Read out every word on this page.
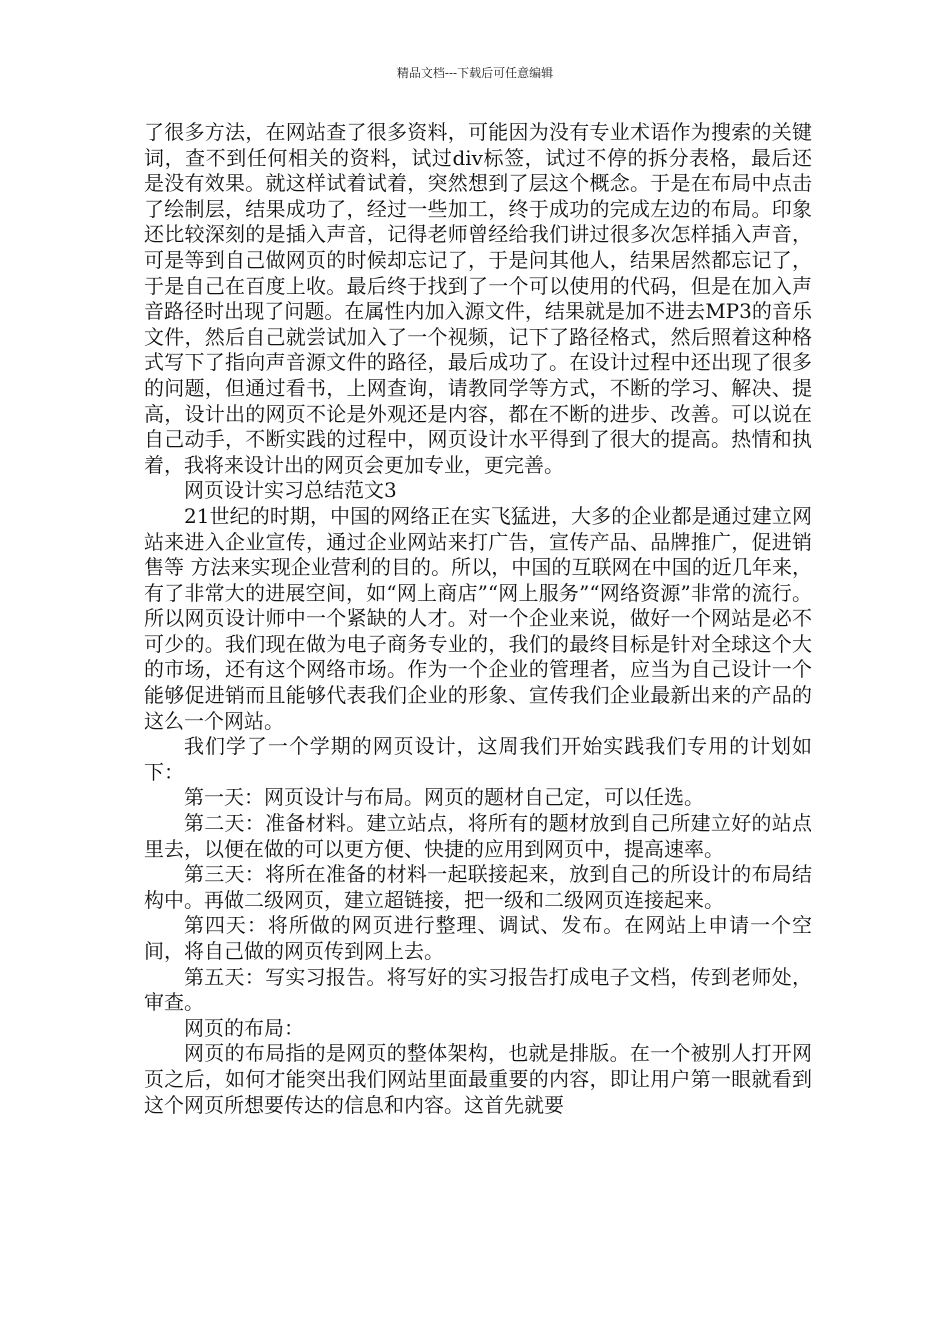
精品文档---下载后可任意编辑

了很多方法，在网站查了很多资料，可能因为没有专业术语作为搜索的关键词，查不到任何相关的资料，试过div标签，试过不停的拆分表格，最后还是没有效果。就这样试着试着，突然想到了层这个概念。于是在布局中点击了绘制层，结果成功了，经过一些加工，终于成功的完成左边的布局。印象还比较深刻的是插入声音，记得老师曾经给我们讲过很多次怎样插入声音，可是等到自己做网页的时候却忘记了，于是问其他人，结果居然都忘记了，于是自己在百度上收。最后终于找到了一个可以使用的代码，但是在加入声音路径时出现了问题。在属性内加入源文件，结果就是加不进去MP3的音乐文件，然后自己就尝试加入了一个视频，记下了路径格式，然后照着这种格式写下了指向声音源文件的路径，最后成功了。在设计过程中还出现了很多的问题，但通过看书，上网查询，请教同学等方式，不断的学习、解决、提高，设计出的网页不论是外观还是内容，都在不断的进步、改善。可以说在自己动手，不断实践的过程中，网页设计水平得到了很大的提高。热情和执着，我将来设计出的网页会更加专业，更完善。

网页设计实习总结范文3

21世纪的时期，中国的网络正在实飞猛进，大多的企业都是通过建立网站来进入企业宣传，通过企业网站来打广告，宣传产品、品牌推广，促进销售等 方法来实现企业营利的目的。所以，中国的互联网在中国的近几年来，有了非常大的进展空间，如“网上商店”“网上服务”“网络资源”非常的流行。所以网页设计师中一个紧缺的人才。对一个企业来说，做好一个网站是必不可少的。我们现在做为电子商务专业的，我们的最终目标是针对全球这个大的市场，还有这个网络市场。作为一个企业的管理者，应当为自己设计一个能够促进销而且能够代表我们企业的形象、宣传我们企业最新出来的产品的这么一个网站。

我们学了一个学期的网页设计，这周我们开始实践我们专用的计划如下：

第一天：网页设计与布局。网页的题材自己定，可以任选。

第二天：准备材料。建立站点，将所有的题材放到自己所建立好的站点里去，以便在做的可以更方便、快捷的应用到网页中，提高速率。

第三天：将所在准备的材料一起联接起来，放到自己的所设计的布局结构中。再做二级网页，建立超链接，把一级和二级网页连接起来。

第四天：将所做的网页进行整理、调试、发布。在网站上申请一个空间，将自己做的网页传到网上去。

第五天：写实习报告。将写好的实习报告打成电子文档，传到老师处，审查。

网页的布局：

网页的布局指的是网页的整体架构，也就是排版。在一个被别人打开网页之后，如何才能突出我们网站里面最重要的内容，即让用户第一眼就看到这个网页所想要传达的信息和内容。这首先就要
